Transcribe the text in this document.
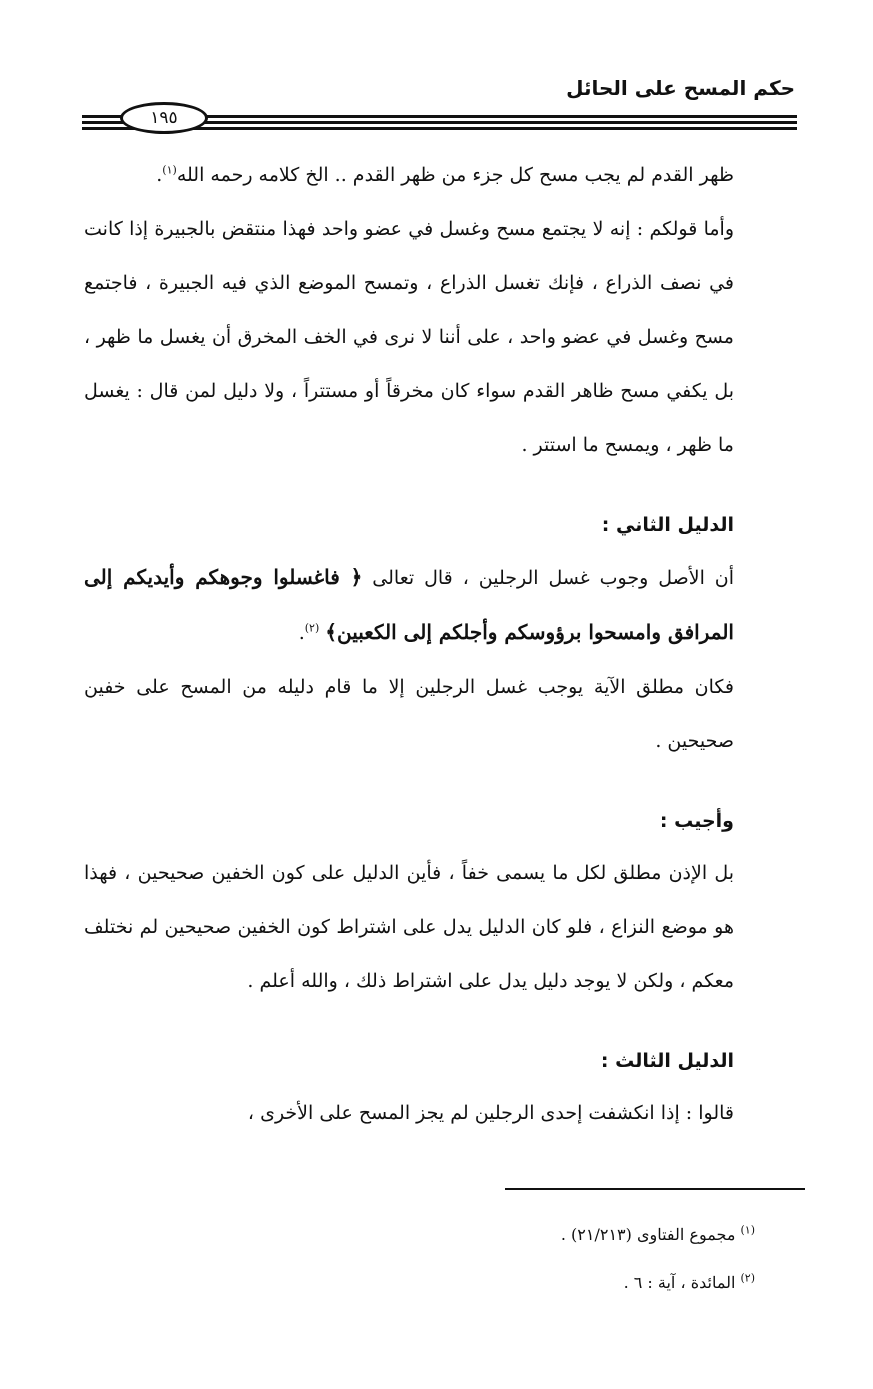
حكم المسح على الحائل
١٩٥

ظهر القدم لم يجب مسح كل جزء من ظهر القدم .. الخ كلامه رحمه الله$^{(١)}$.

وأما قولكم : إنه لا يجتمع مسح وغسل في عضو واحد فهذا منتقض بالجبيرة إذا كانت في نصف الذراع ، فإنك تغسل الذراع ، وتمسح الموضع الذي فيه الجبيرة ، فاجتمع مسح وغسل في عضو واحد ، على أننا لا نرى في الخف المخرق أن يغسل ما ظهر ، بل يكفي مسح ظاهر القدم سواء كان مخرقاً أو مستتراً ، ولا دليل لمن قال : يغسل ما ظهر ، ويمسح ما استتر .

الدليل الثاني :

أن الأصل وجوب غسل الرجلين ، قال تعالى ﴿ فاغسلوا وجوهكم وأيديكم إلى المرافق وامسحوا برؤوسكم وأجلكم إلى الكعبين﴾ $^{(٢)}$.

فكان مطلق الآية يوجب غسل الرجلين إلا ما قام دليله من المسح على خفين صحيحين .

وأجيب :

بل الإذن مطلق لكل ما يسمى خفاً ، فأين الدليل على كون الخفين صحيحين ، فهذا هو موضع النزاع ، فلو كان الدليل يدل على اشتراط كون الخفين صحيحين لم نختلف معكم ، ولكن لا يوجد دليل يدل على اشتراط ذلك ، والله أعلم .

الدليل الثالث :

قالوا : إذا انكشفت إحدى الرجلين لم يجز المسح على الأخرى ،

$^{(١)}$ مجموع الفتاوى (٢١/٢١٣) .

$^{(٢)}$ المائدة ، آية : ٦ .
